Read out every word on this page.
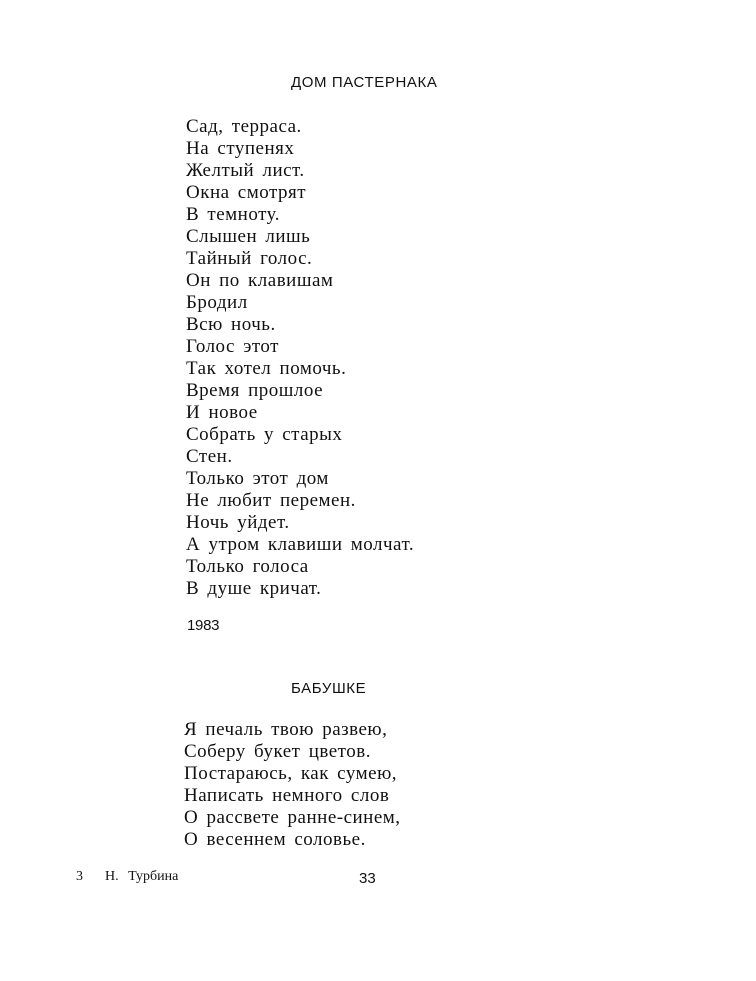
ДОМ ПАСТЕРНАКА
Сад, терраса.
На ступенях
Желтый лист.
Окна смотрят
В темноту.
Слышен лишь
Тайный голос.
Он по клавишам
Бродил
Всю ночь.
Голос этот
Так хотел помочь.
Время прошлое
И новое
Собрать у старых
Стен.
Только этот дом
Не любит перемен.
Ночь уйдет.
А утром клавиши молчат.
Только голоса
В душе кричат.
1983
БАБУШКЕ
Я печаль твою развею,
Соберу букет цветов.
Постараюсь, как сумею,
Написать немного слов
О рассвете ранне-синем,
О весеннем соловье.
3 Н. Турбина	33
